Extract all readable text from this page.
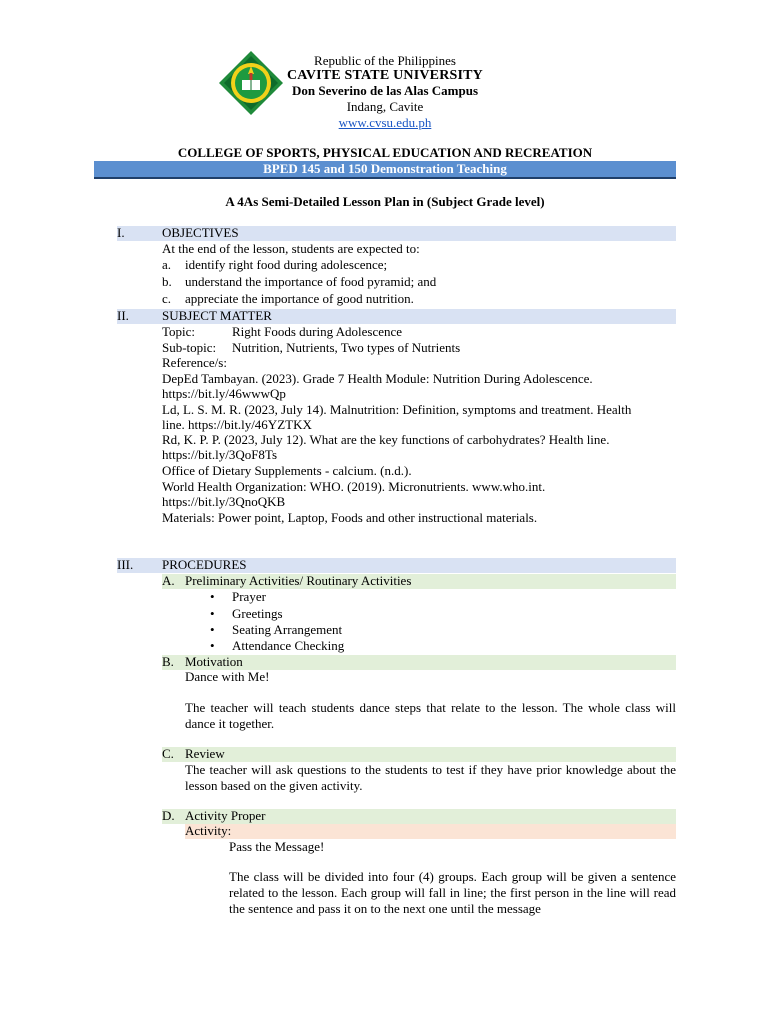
Republic of the Philippines
CAVITE STATE UNIVERSITY
Don Severino de las Alas Campus
Indang, Cavite
www.cvsu.edu.ph
COLLEGE OF SPORTS, PHYSICAL EDUCATION AND RECREATION
BPED 145 and 150 Demonstration Teaching
A 4As Semi-Detailed Lesson Plan in (Subject Grade level)
I.	OBJECTIVES
At the end of the lesson, students are expected to:
a. identify right food during adolescence;
b. understand the importance of food pyramid; and
c. appreciate the importance of good nutrition.
II.	SUBJECT MATTER
Topic:	Right Foods during Adolescence
Sub-topic: Nutrition, Nutrients, Two types of Nutrients
Reference/s:
DepEd Tambayan. (2023). Grade 7 Health Module: Nutrition During Adolescence.
https://bit.ly/46wwwQp
Ld, L. S. M. R. (2023, July 14). Malnutrition: Definition, symptoms and treatment. Health
line. https://bit.ly/46YZTKX
Rd, K. P. P. (2023, July 12). What are the key functions of carbohydrates? Health line.
https://bit.ly/3QoF8Ts
Office of Dietary Supplements - calcium. (n.d.).
World Health Organization: WHO. (2019). Micronutrients. www.who.int.
https://bit.ly/3QnoQKB
Materials: Power point, Laptop, Foods and other instructional materials.
III. PROCEDURES
A. Preliminary Activities/ Routinary Activities
• Prayer
• Greetings
• Seating Arrangement
• Attendance Checking
B. Motivation
Dance with Me!
The teacher will teach students dance steps that relate to the lesson. The whole class will dance it together.
C. Review
The teacher will ask questions to the students to test if they have prior knowledge about the lesson based on the given activity.
D. Activity Proper
Activity:
Pass the Message!
The class will be divided into four (4) groups. Each group will be given a sentence related to the lesson. Each group will fall in line; the first person in the line will read the sentence and pass it on to the next one until the message
